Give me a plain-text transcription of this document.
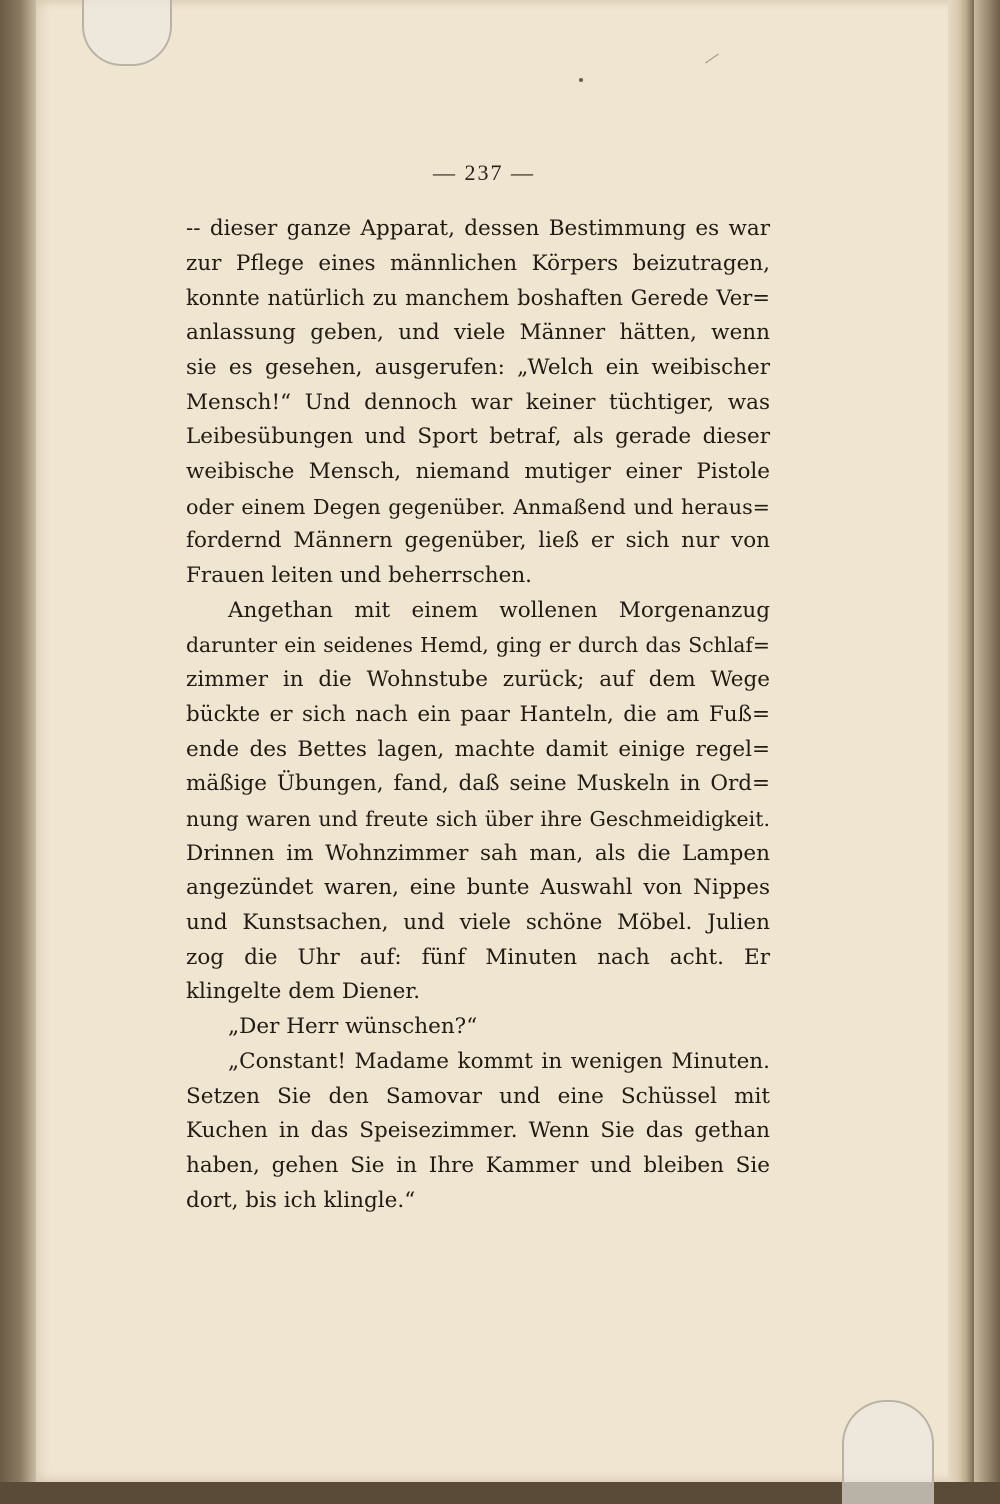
— 237 —
-- dieser ganze Apparat, dessen Bestimmung es war
zur Pflege eines männlichen Körpers beizutragen,
konnte natürlich zu manchem boshaften Gerede Ver=
anlassung geben, und viele Männer hätten, wenn
sie es gesehen, ausgerufen: „Welch ein weibischer
Mensch!“ Und dennoch war keiner tüchtiger, was
Leibesübungen und Sport betraf, als gerade dieser
weibische Mensch, niemand mutiger einer Pistole
oder einem Degen gegenüber. Anmaßend und heraus=
fordernd Männern gegenüber, ließ er sich nur von
Frauen leiten und beherrschen.
Angethan mit einem wollenen Morgenanzug
darunter ein seidenes Hemd, ging er durch das Schlaf=
zimmer in die Wohnstube zurück; auf dem Wege
bückte er sich nach ein paar Hanteln, die am Fuß=
ende des Bettes lagen, machte damit einige regel=
mäßige Übungen, fand, daß seine Muskeln in Ord=
nung waren und freute sich über ihre Geschmeidigkeit.
Drinnen im Wohnzimmer sah man, als die Lampen
angezündet waren, eine bunte Auswahl von Nippes
und Kunstsachen, und viele schöne Möbel. Julien
zog die Uhr auf: fünf Minuten nach acht. Er
klingelte dem Diener.
„Der Herr wünschen?“
„Constant! Madame kommt in wenigen Minuten.
Setzen Sie den Samovar und eine Schüssel mit
Kuchen in das Speisezimmer. Wenn Sie das gethan
haben, gehen Sie in Ihre Kammer und bleiben Sie
dort, bis ich klingle.“
